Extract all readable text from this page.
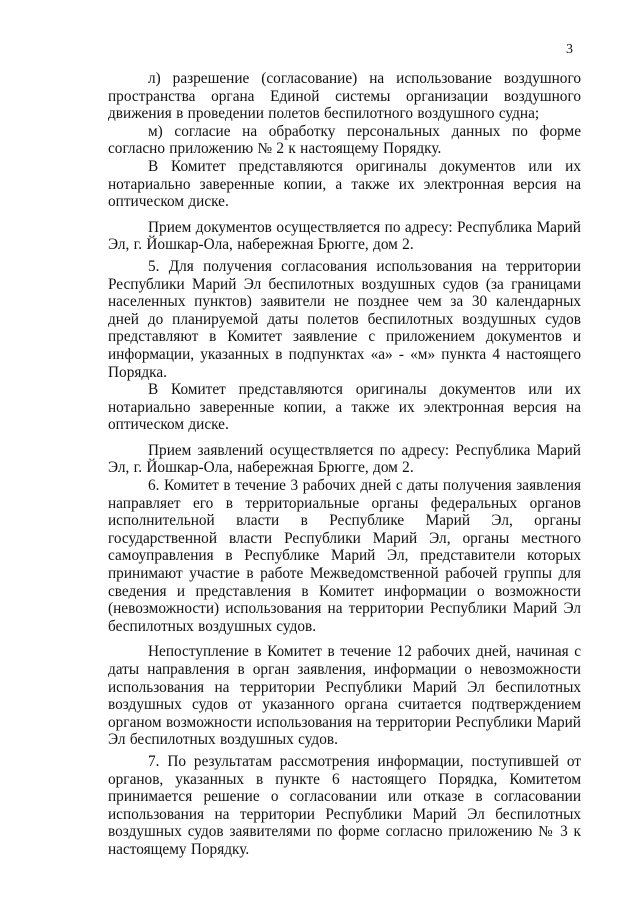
3

л) разрешение (согласование) на использование воздушного пространства органа Единой системы организации воздушного движения в проведении полетов беспилотного воздушного судна;

м) согласие на обработку персональных данных по форме согласно приложению № 2 к настоящему Порядку.

В Комитет представляются оригиналы документов или их нотариально заверенные копии, а также их электронная версия на оптическом диске.

Прием документов осуществляется по адресу: Республика Марий Эл, г. Йошкар-Ола, набережная Брюгге, дом 2.

5. Для получения согласования использования на территории Республики Марий Эл беспилотных воздушных судов (за границами населенных пунктов) заявители не позднее чем за 30 календарных дней до планируемой даты полетов беспилотных воздушных судов представляют в Комитет заявление с приложением документов и информации, указанных в подпунктах «а» - «м» пункта 4 настоящего Порядка.

В Комитет представляются оригиналы документов или их нотариально заверенные копии, а также их электронная версия на оптическом диске.

Прием заявлений осуществляется по адресу: Республика Марий Эл, г. Йошкар-Ола, набережная Брюгге, дом 2.

6. Комитет в течение 3 рабочих дней с даты получения заявления направляет его в территориальные органы федеральных органов исполнительной власти в Республике Марий Эл, органы государственной власти Республики Марий Эл, органы местного самоуправления в Республике Марий Эл, представители которых принимают участие в работе Межведомственной рабочей группы для сведения и представления в Комитет информации о возможности (невозможности) использования на территории Республики Марий Эл беспилотных воздушных судов.

Непоступление в Комитет в течение 12 рабочих дней, начиная с даты направления в орган заявления, информации о невозможности использования на территории Республики Марий Эл беспилотных воздушных судов от указанного органа считается подтверждением органом возможности использования на территории Республики Марий Эл беспилотных воздушных судов.

7. По результатам рассмотрения информации, поступившей от органов, указанных в пункте 6 настоящего Порядка, Комитетом принимается решение о согласовании или отказе в согласовании использования на территории Республики Марий Эл беспилотных воздушных судов заявителями по форме согласно приложению № 3 к настоящему Порядку.
